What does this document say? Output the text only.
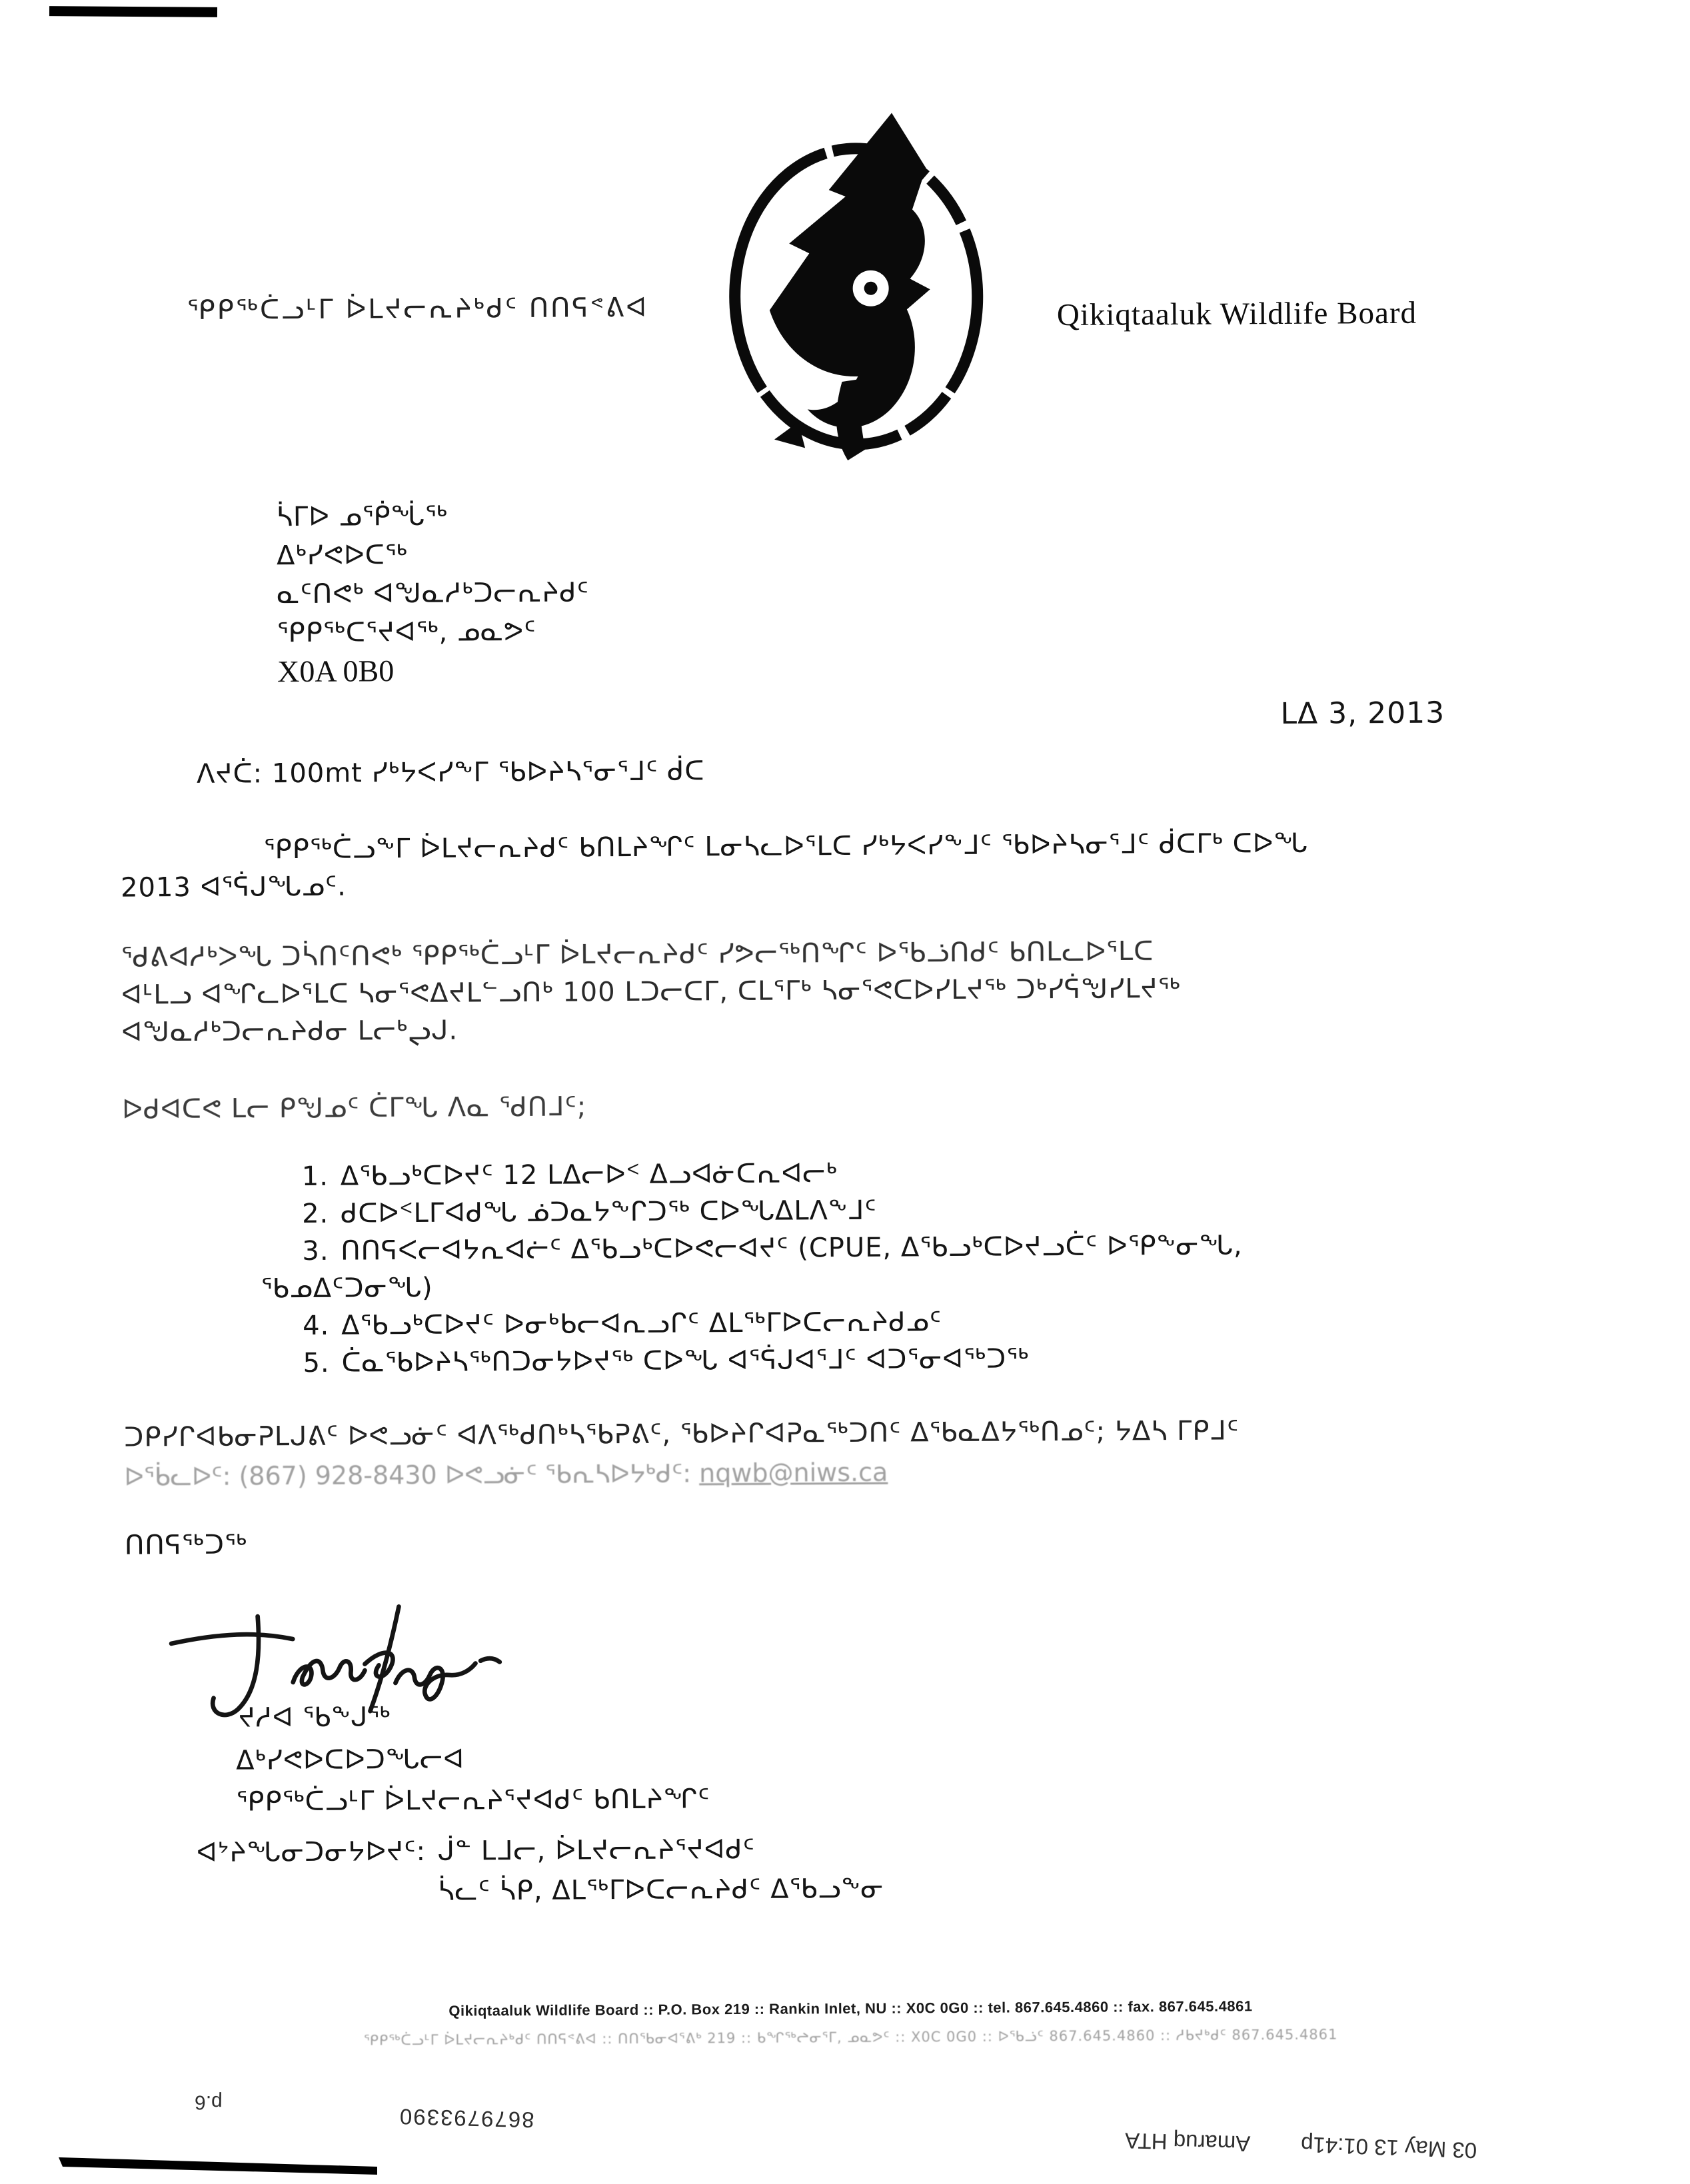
ᕿᑭᖅᑖᓗᒻᒥ ᐆᒪᔪᓕᕆᔨᒃᑯᑦ ᑎᑎᕋᕝᕕᐊ	Qikiqtaaluk Wildlife Board
ᓵᒥᐅ ᓄᖀᖔᖅ
ᐃᒃᓯᕙᐅᑕᖅ
ᓇᑦᑎᕙᒃ ᐊᖑᓇᓱᒃᑐᓕᕆᔨᑯᑦ
ᕿᑭᖅᑕᕐᔪᐊᖅ, ᓄᓇᕗᑦ
X0A 0B0
ᒪᐃ 3, 2013
ᐱᔪᑖ: 100mt ᓯᒃᔭᐸᓯᖕᒥ ᖃᐅᔨᓴᕐᓂᕐᒧᑦ ᑰᑕ
ᕿᑭᖅᑖᓗᖕᒥ ᐆᒪᔪᓕᕆᔨᑯᑦ ᑲᑎᒪᔨᖏᑦ ᒪᓂᓴᓚᐅᕐᒪᑕ ᓯᒃᔭᐸᓯᖕᒧᑦ ᖃᐅᔨᓴᓂᕐᒧᑦ ᑰᑕᒥᒃ ᑕᐅᖓ
2013 ᐊᕐᕌᒍᖓᓄᑦ.
ᖁᕕᐊᓱᒃᐳᖓ ᑐᓵᑎᑦᑎᕙᒃ ᕿᑭᖅᑖᓗᒻᒥ ᐆᒪᔪᓕᕆᔨᑯᑦ ᓯᕗᓕᖅᑎᖏᑦ ᐅᖃᓘᑎᑯᑦ ᑲᑎᒪᓚᐅᕐᒪᑕ
ᐊᒻᒪᓗ ᐊᖏᓚᐅᕐᒪᑕ ᓴᓂᕐᕙᐃᔪᒪᓪᓗᑎᒃ 100 ᒪᑐᓕᑕᒥ, ᑕᒪᕐᒥᒃ ᓴᓂᕐᕙᑕᐅᓯᒪᔪᖅ ᑐᒃᓯᕌᖑᓯᒪᔪᖅ
ᐊᖑᓇᓱᒃᑐᓕᕆᔨᑯᓂ ᒪᓕᒃᖢᒍ.
ᐅᑯᐊᑕᕙ ᒪᓕ ᑭᖑᓄᑦ ᑖᒥᖓ ᐱᓇ ᖁᑎᒧᑦ;
1. ᐃᖃᓗᒃᑕᐅᔪᑦ 12 ᒪᐃᓕᐅᑉ ᐃᓗᐊᓃᑕᕆᐊᓕᒃ
2. ᑯᑕᐅᑉᒪᒥᐊᑯᖓ ᓅᑐᓇᔭᖕᒋᑐᖅ ᑕᐅᖓᐃᒪᐱᖕᒧᑦ
3. ᑎᑎᕋᐸᓕᐊᔭᕆᐊᓖᑦ ᐃᖃᓗᒃᑕᐅᕙᓕᐊᔪᑦ (CPUE, ᐃᖃᓗᒃᑕᐅᔪᓗᑖᑦ ᐅᕿᖕᓂᖓ,
ᖃᓄᐃᑦᑐᓂᖓ)
4. ᐃᖃᓗᒃᑕᐅᔪᑦ ᐅᓂᒃᑲᓕᐊᕆᓗᒋᑦ ᐃᒪᖅᒥᐅᑕᓕᕆᔨᑯᓄᑦ
5. ᑖᓇᖃᐅᔨᓴᖅᑎᑐᓂᔭᐅᔪᖅ ᑕᐅᖓ ᐊᕐᕌᒍᐊᕐᒧᑦ ᐊᑐᕐᓂᐊᖅᑐᖅ
ᑐᑭᓯᒋᐊᑲᓂᕈᒪᒍᕕᑦ ᐅᕙᓗᓃᑦ ᐊᐱᖅᑯᑎᒃᓴᖃᕈᕕᑦ, ᖃᐅᔨᒋᐊᕈᓇᖅᑐᑎᑦ ᐃᖃᓇᐃᔭᖅᑎᓄᑦ; ᔭᐃᓴ ᒥᑭᒧᑦ
ᐅᖄᓚᐅᑦ: (867) 928-8430 ᐅᕙᓗᓃᑦ ᖃᕆᓴᐅᔭᒃᑯᑦ: nqwb@niws.ca
ᑎᑎᕋᖅᑐᖅ
ᔪᓱᐊ ᖃᖕᒍᖅ
ᐃᒃᓯᕙᐅᑕᐅᑐᖓᓕᐊ
ᕿᑭᖅᑖᓗᒻᒥ ᐆᒪᔪᓕᕆᔨᕐᔪᐊᑯᑦ ᑲᑎᒪᔨᖏᑦ
ᐊᔾᔨᖓᓂᑐᓂᔭᐅᔪᑦ: ᒎᓐ ᒪᒧᓕ, ᐆᒪᔪᓕᕆᔨᕐᔪᐊᑯᑦ
ᓵᓚᑦ ᓵᑭ, ᐃᒪᖅᒥᐅᑕᓕᕆᔨᑯᑦ ᐃᖃᓗᖕᓂ
Qikiqtaaluk Wildlife Board :: P.O. Box 219 :: Rankin Inlet, NU :: X0C 0G0 :: tel. 867.645.4860 :: fax. 867.645.4861
ᕿᑭᖅᑖᓗᒻᒥ ᐆᒪᔪᓕᕆᔨᒃᑯᑦ ᑎᑎᕋᕝᕕᐊ :: ᑎᑎᖃᓂᐊᕐᕕᒃ 219 :: ᑲᖏᖅᖠᓂᕐᒥ, ᓄᓇᕗᑦ :: X0C 0G0 :: ᐅᖃᓘᑦ 867.645.4860 :: ᓱᑲᔪᒃᑯᑦ 867.645.4861
p.6
8679793390
Amaruq HTA 03 May 13 01:41p
